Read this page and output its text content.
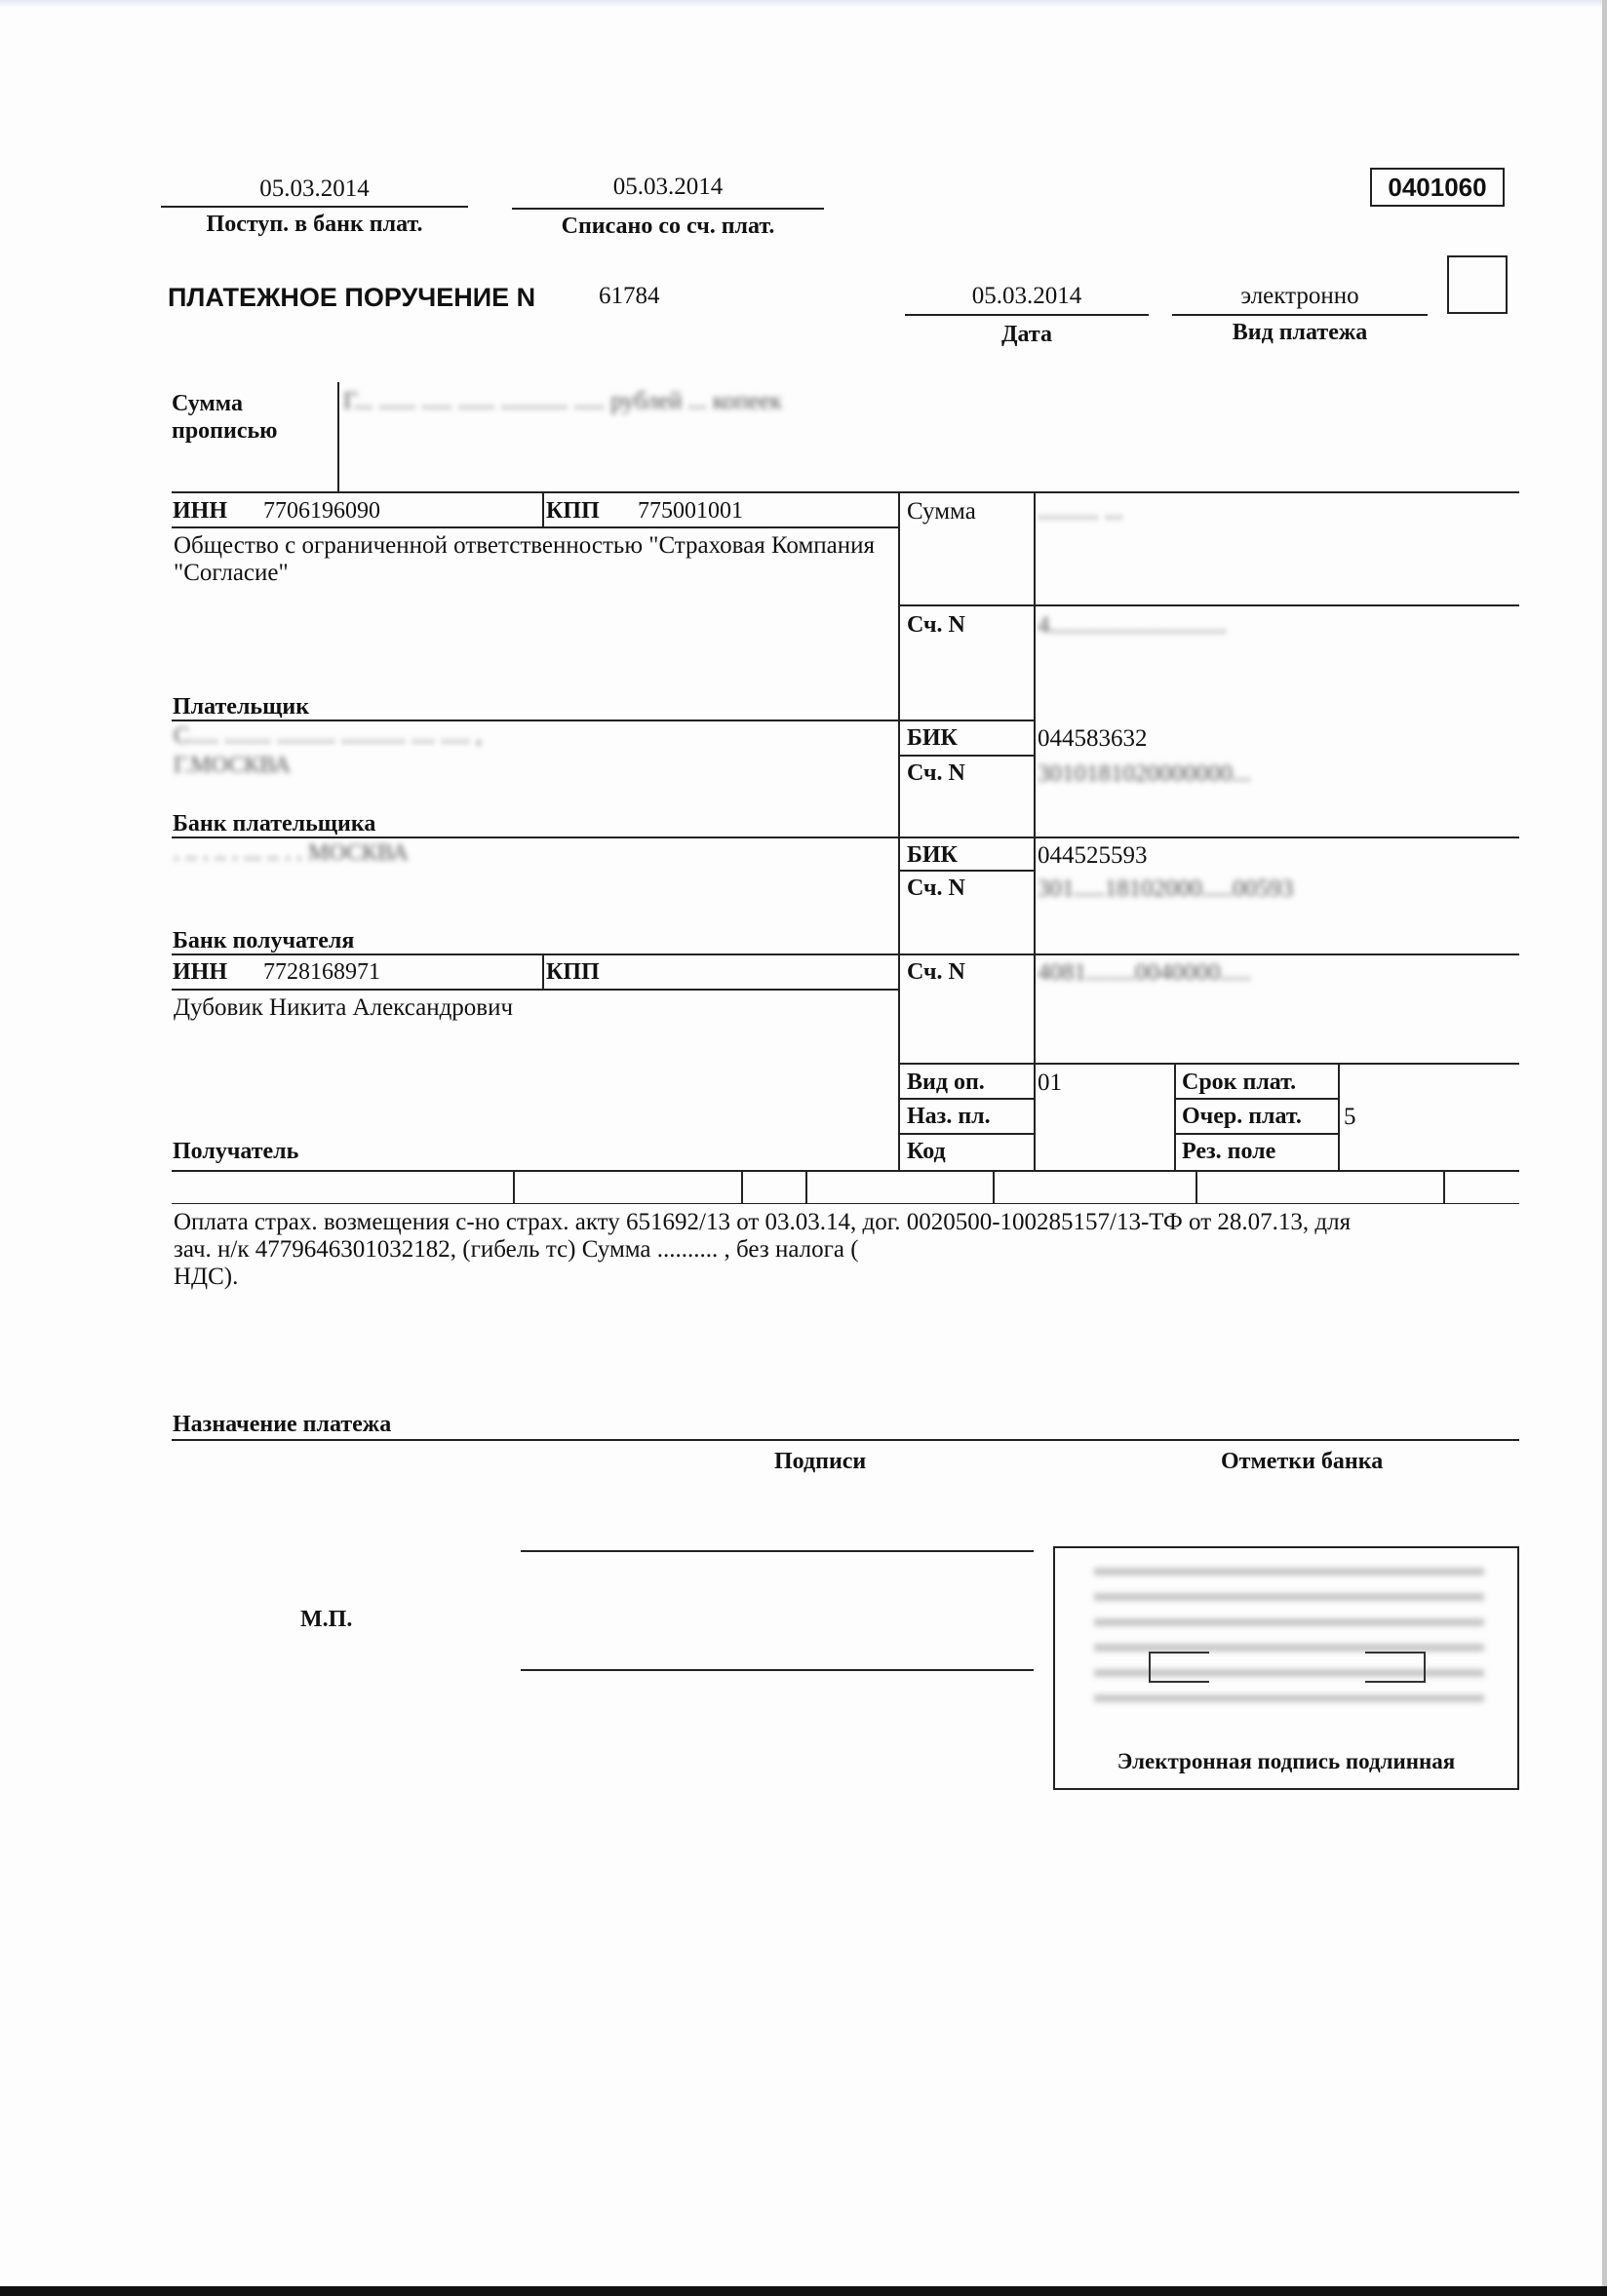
0401060
05.03.2014
Поступ. в банк плат.
05.03.2014
Списано со сч. плат.
ПЛАТЕЖНОЕ ПОРУЧЕНИЕ N	61784	05.03.2014
Дата
электронно
Вид платежа
Сумма
прописью
Г... ...... ..... ...... ........... ..... рублей ... копеек
ИНН 7706196090	КПП 775001001	Сумма	.......... ...
Общество с ограниченной ответственностью "Страховая Компания "Согласие"
Сч. N	4.............................
Плательщик
С..... ........ .......... ........... .... ..... ,
Г.МОСКВА
БИК	044583632
Сч. N	3010181020000000...
Банк плательщика
. .. . .. . ... .. . . МОСКВА	БИК	044525593
Сч. N	301.....18102000.....00593
Банк получателя
ИНН 7728168971	КПП	Сч. N	4081........0040000.....
Дубовик Никита Александрович
Вид оп. 01	Срок плат.
Наз. пл.	Очер. плат. 5
Код	Рез. поле
Получатель
Оплата страх. возмещения с-но страх. акту 651692/13 от 03.03.14, дог. 0020500-100285157/13-ТФ от 28.07.13, для
зач. н/к 4779646301032182, (гибель тс) Сумма .......... , без налога (
НДС).
Назначение платежа
Подписи	Отметки банка
М.П.
Электронная подпись подлинная
